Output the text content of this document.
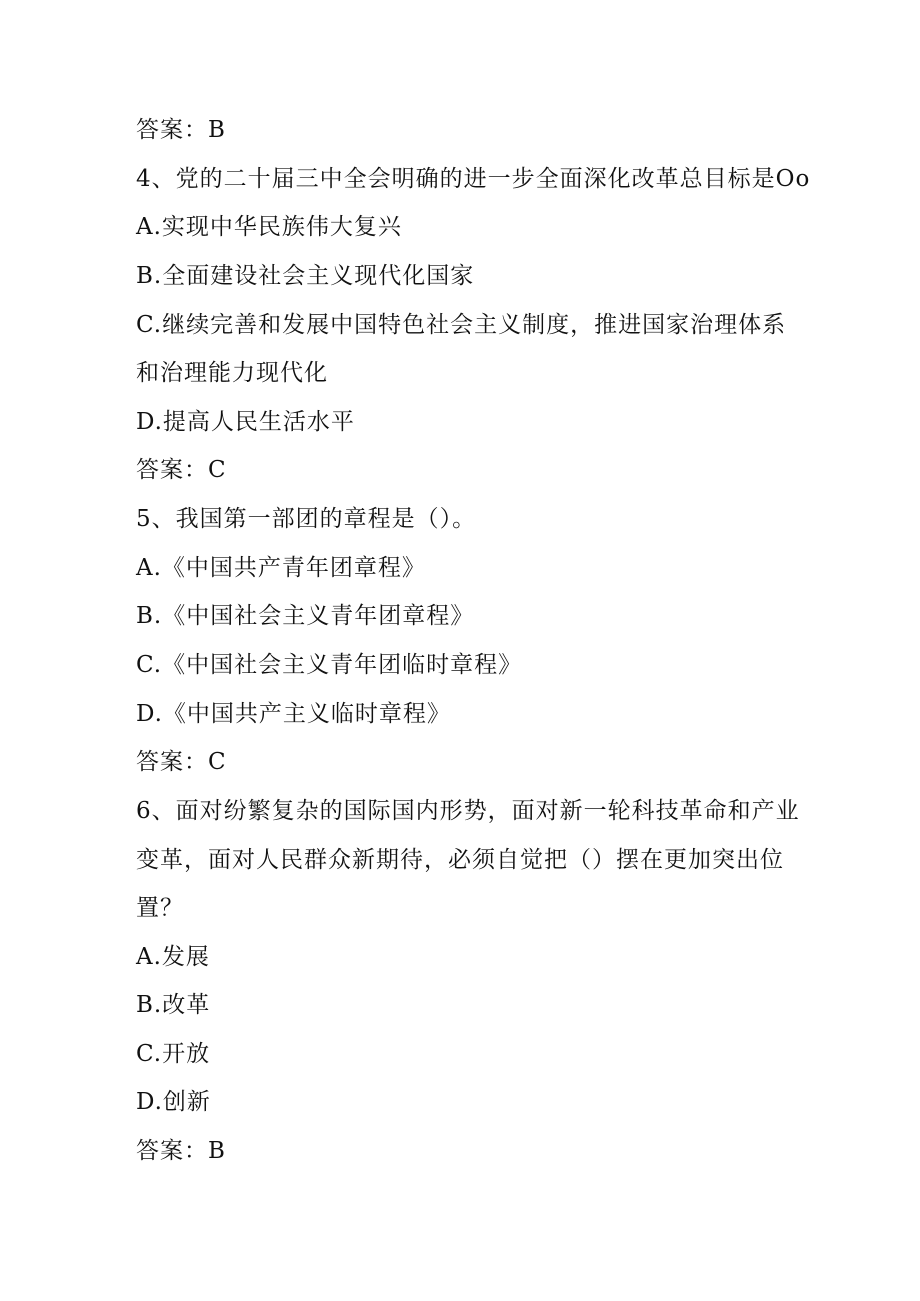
答案：B
4、党的二十届三中全会明确的进一步全面深化改革总目标是Oo
A.实现中华民族伟大复兴
B.全面建设社会主义现代化国家
C.继续完善和发展中国特色社会主义制度，推进国家治理体系
和治理能力现代化
D.提高人民生活水平
答案：C
5、我国第一部团的章程是（）。
A.《中国共产青年团章程》
B.《中国社会主义青年团章程》
C.《中国社会主义青年团临时章程》
D.《中国共产主义临时章程》
答案：C
6、面对纷繁复杂的国际国内形势，面对新一轮科技革命和产业
变革，面对人民群众新期待，必须自觉把（）摆在更加突出位
置？
A.发展
B.改革
C.开放
D.创新
答案：B
